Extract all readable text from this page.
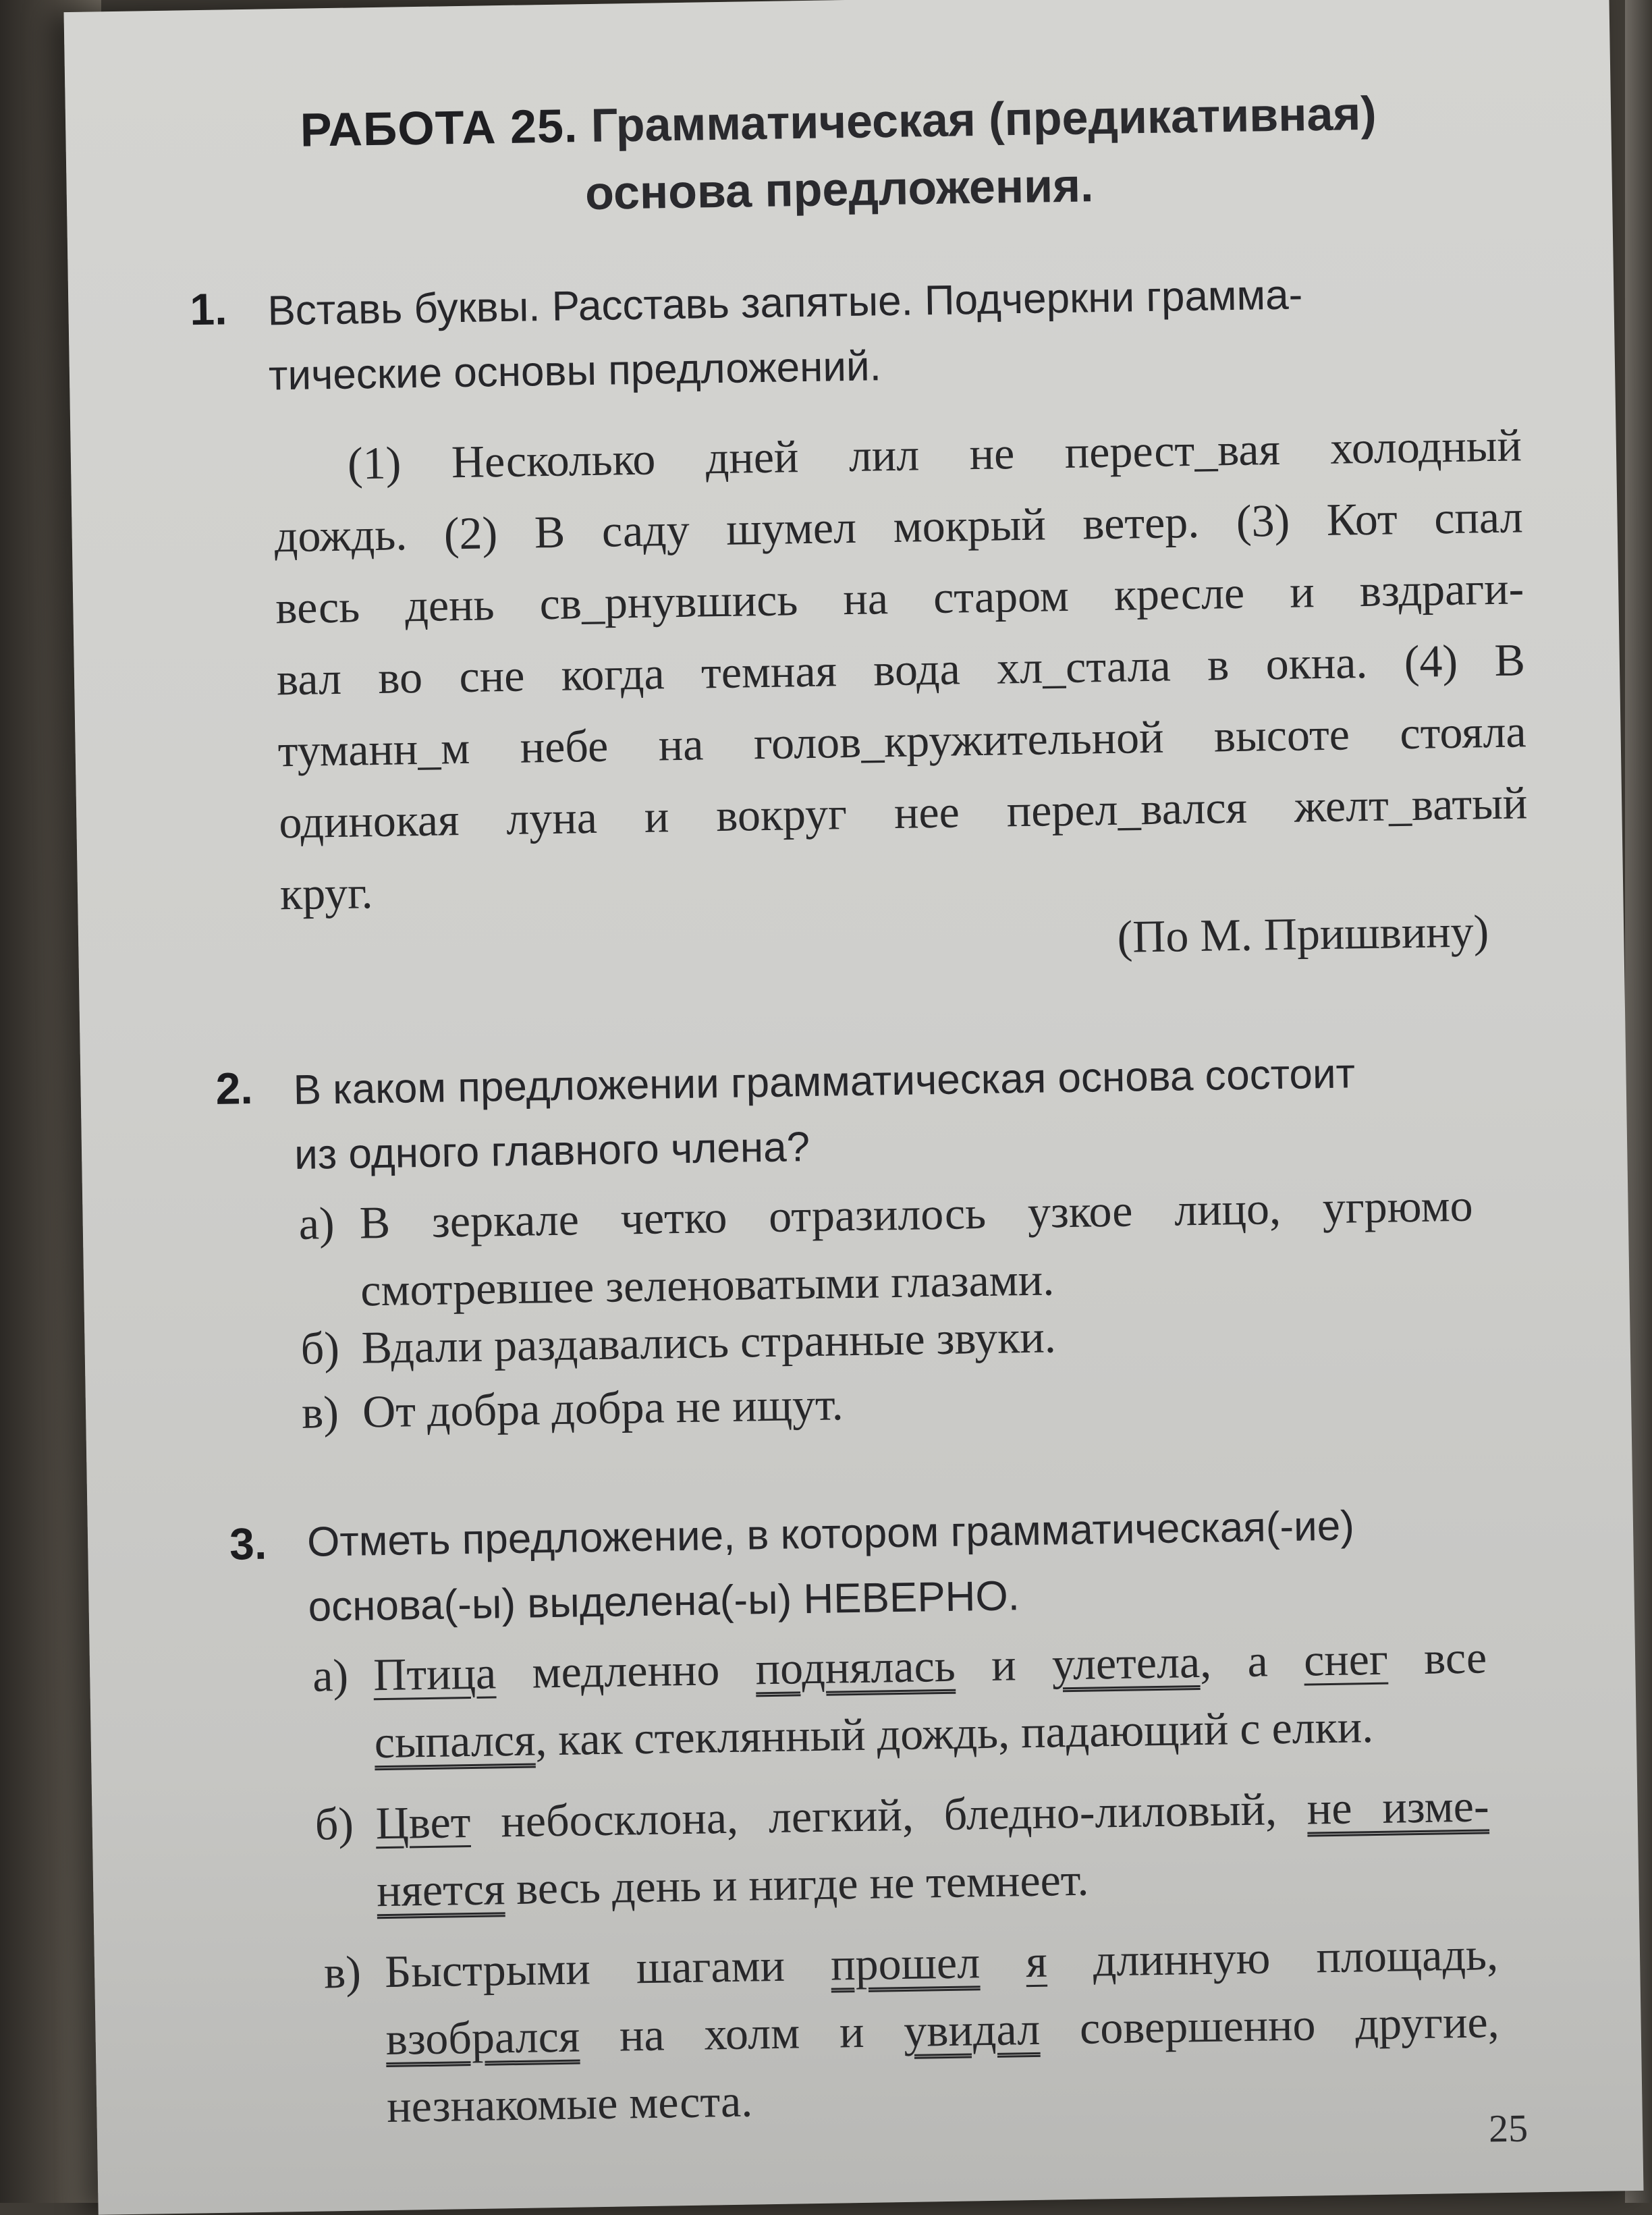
РАБОТА 25. Грамматическая (предикативная)
основа предложения.
1. Вставь буквы. Расставь запятые. Подчеркни грамма-
тические основы предложений.
(1) Несколько дней лил не перест_вая холодный
дождь. (2) В саду шумел мокрый ветер. (3) Кот спал
весь день св_рнувшись на старом кресле и вздраги-
вал во сне когда темная вода хл_стала в окна. (4) В
туманн_м небе на голов_кружительной высоте стояла
одинокая луна и вокруг нее перел_вался желт_ватый
круг.
(По М. Пришвину)
2. В каком предложении грамматическая основа состоит
из одного главного члена?
а) В зеркале четко отразилось узкое лицо, угрюмо
смотревшее зеленоватыми глазами.
б) Вдали раздавались странные звуки.
в) От добра добра не ищут.
3. Отметь предложение, в котором грамматическая(-ие)
основа(-ы) выделена(-ы) НЕВЕРНО.
а) Птица медленно поднялась и улетела, а снег все
сыпался, как стеклянный дождь, падающий с елки.
б) Цвет небосклона, легкий, бледно-лиловый, не изме-
няется весь день и нигде не темнеет.
в) Быстрыми шагами прошел я длинную площадь,
взобрался на холм и увидал совершенно другие,
незнакомые места.	25
